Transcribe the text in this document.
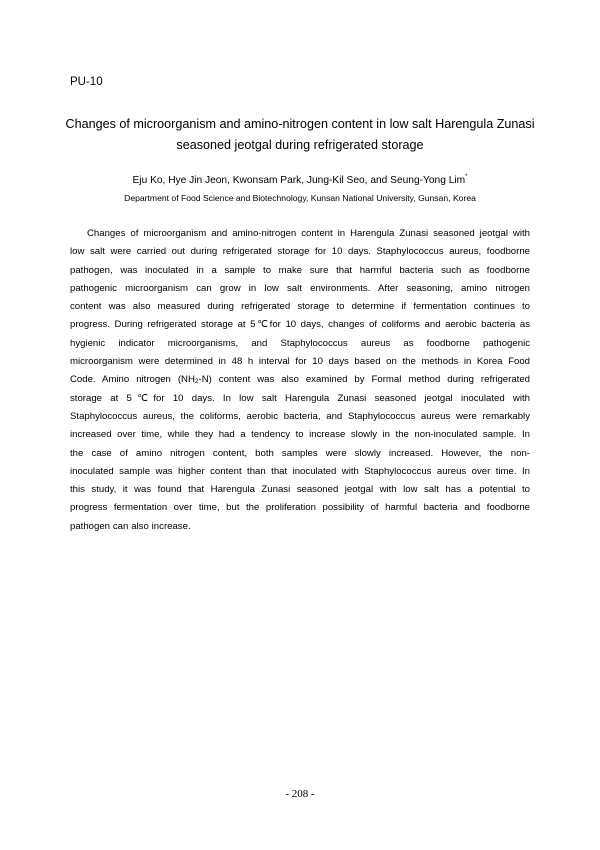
PU-10
Changes of microorganism and amino-nitrogen content in low salt Harengula Zunasi
seasoned jeotgal during refrigerated storage
Eju Ko, Hye Jin Jeon, Kwonsam Park, Jung-Kil Seo, and Seung-Yong Lim*
Department of Food Science and Biotechnology, Kunsan National University, Gunsan, Korea
Changes of microorganism and amino-nitrogen content in Harengula Zunasi seasoned jeotgal with
low salt were carried out during refrigerated storage for 10 days. Staphylococcus aureus, foodborne
pathogen, was inoculated in a sample to make sure that harmful bacteria such as foodborne
pathogenic microorganism can grow in low salt environments. After seasoning, amino nitrogen
content was also measured during refrigerated storage to determine if fermentation continues to
progress. During refrigerated storage at 5℃for 10 days, changes of coliforms and aerobic bacteria as
hygienic indicator microorganisms, and Staphylococcus aureus as foodborne pathogenic
microorganism were determined in 48 h interval for 10 days based on the methods in Korea Food
Code. Amino nitrogen $(NH_2-N)$ content was also examined by Formal method during refrigerated
storage at 5℃for 10 days. In low salt Harengula Zunasi seasoned jeotgal inoculated with
Staphylococcus aureus, the coliforms, aerobic bacteria, and Staphylococcus aureus were remarkably
increased over time, while they had a tendency to increase slowly in the non-inoculated sample. In
the case of amino nitrogen content, both samples were slowly increased. However, the non-
inoculated sample was higher content than that inoculated with Staphylococcus aureus over time. In
this study, it was found that Harengula Zunasi seasoned jeotgal with low salt has a potential to
progress fermentation over time, but the proliferation possibility of harmful bacteria and foodborne
pathogen can also increase.
- 208 -
